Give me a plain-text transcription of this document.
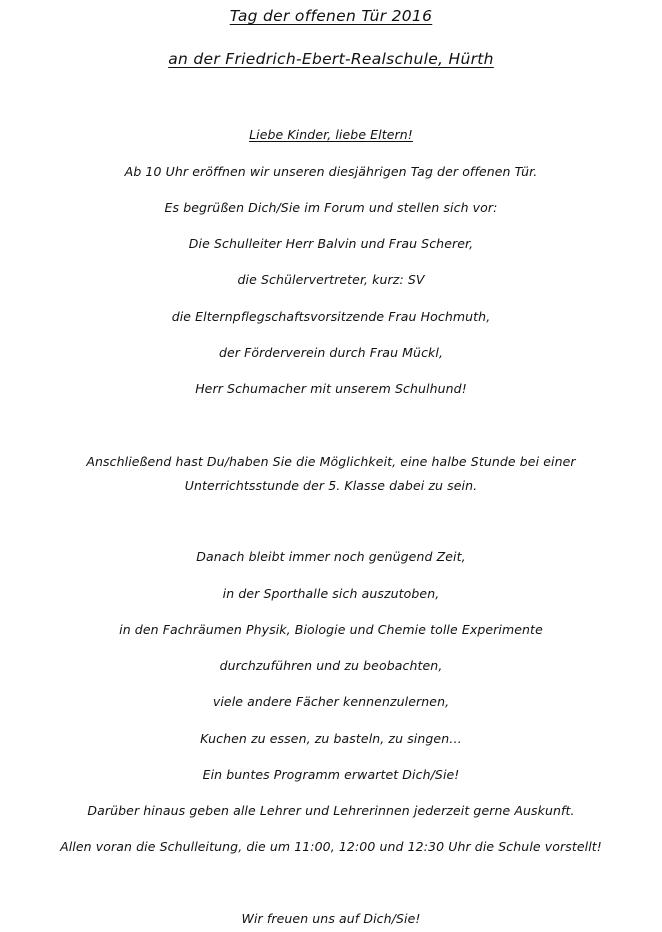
Tag der offenen Tür 2016
an der Friedrich-Ebert-Realschule, Hürth
Liebe Kinder, liebe Eltern!
Ab 10 Uhr eröffnen wir unseren diesjährigen Tag der offenen Tür.
Es begrüßen Dich/Sie im Forum und stellen sich vor:
Die Schulleiter Herr Balvin und Frau Scherer,
die Schülervertreter, kurz: SV
die Elternpflegschaftsvorsitzende Frau Hochmuth,
der Förderverein durch Frau Mückl,
Herr Schumacher mit unserem Schulhund!
Anschließend hast Du/haben Sie die Möglichkeit, eine halbe Stunde bei einer
Unterrichtsstunde der 5. Klasse dabei zu sein.
Danach bleibt immer noch genügend Zeit,
in der Sporthalle sich auszutoben,
in den Fachräumen Physik, Biologie und Chemie tolle Experimente
durchzuführen und zu beobachten,
viele andere Fächer kennenzulernen,
Kuchen zu essen, zu basteln, zu singen…
Ein buntes Programm erwartet Dich/Sie!
Darüber hinaus geben alle Lehrer und Lehrerinnen jederzeit gerne Auskunft.
Allen voran die Schulleitung, die um 11:00, 12:00 und 12:30 Uhr die Schule vorstellt!
Wir freuen uns auf Dich/Sie!
